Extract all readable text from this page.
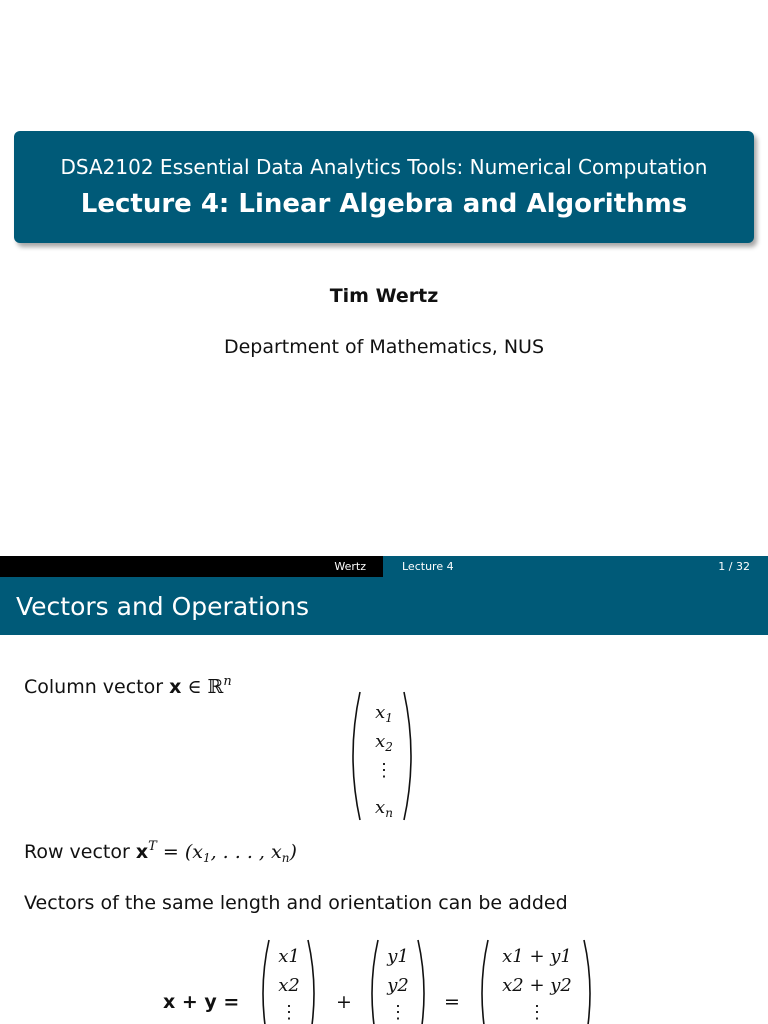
DSA2102 Essential Data Analytics Tools: Numerical Computation
Lecture 4: Linear Algebra and Algorithms
Tim Wertz
Department of Mathematics, NUS
Wertz	Lecture 4	1 / 32
Vectors and Operations
Column vector x ∈ ℝ$^n$
$x_1$
$x_2$
⋮
$x_n$
Row vector $x^T = (x_1$, . . . , $x_n$)
Vectors of the same length and orientation can be added
x + y =
x1
x2
⋮	+
y1
y2
⋮	=
x1 + y1
x2 + y2
⋮
